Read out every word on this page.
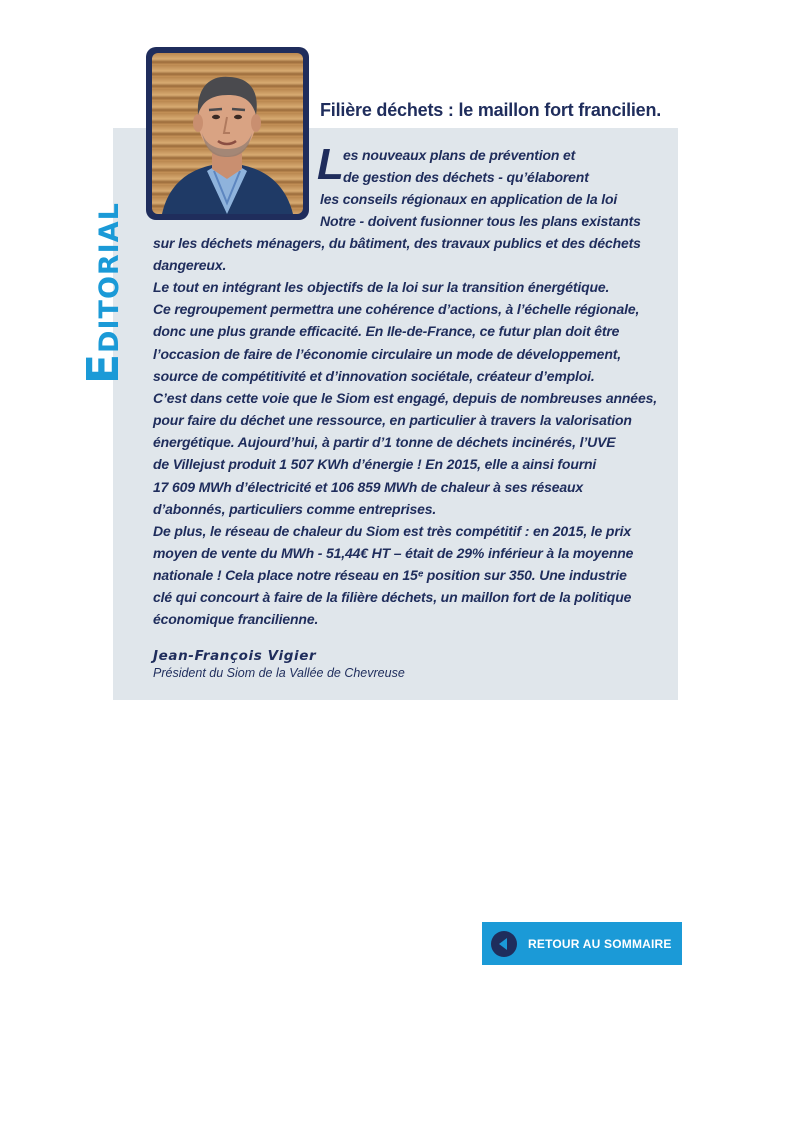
E
DITORIAL
Filière déchets : le maillon fort francilien.
L es nouveaux plans de prévention et
de gestion des déchets - qu’élaborent
les conseils régionaux en application de la loi
Notre - doivent fusionner tous les plans existants
sur les déchets ménagers, du bâtiment, des travaux publics et des déchets
dangereux.
Le tout en intégrant les objectifs de la loi sur la transition énergétique.
Ce regroupement permettra une cohérence d’actions, à l’échelle régionale,
donc une plus grande efficacité. En Ile-de-France, ce futur plan doit être
l’occasion de faire de l’économie circulaire un mode de développement,
source de compétitivité et d’innovation sociétale, créateur d’emploi.
C’est dans cette voie que le Siom est engagé, depuis de nombreuses années,
pour faire du déchet une ressource, en particulier à travers la valorisation
énergétique. Aujourd’hui, à partir d’1 tonne de déchets incinérés, l’UVE
de Villejust produit 1 507 KWh d’énergie ! En 2015, elle a ainsi fourni
17 609 MWh d’électricité et 106 859 MWh de chaleur à ses réseaux
d’abonnés, particuliers comme entreprises.
De plus, le réseau de chaleur du Siom est très compétitif : en 2015, le prix
moyen de vente du MWh - 51,44€ HT – était de 29% inférieur à la moyenne
nationale ! Cela place notre réseau en 15ᵉ position sur 350. Une industrie
clé qui concourt à faire de la filière déchets, un maillon fort de la politique
économique francilienne.
Jean-François Vigier
Président du Siom de la Vallée de Chevreuse
RETOUR AU SOMMAIRE
